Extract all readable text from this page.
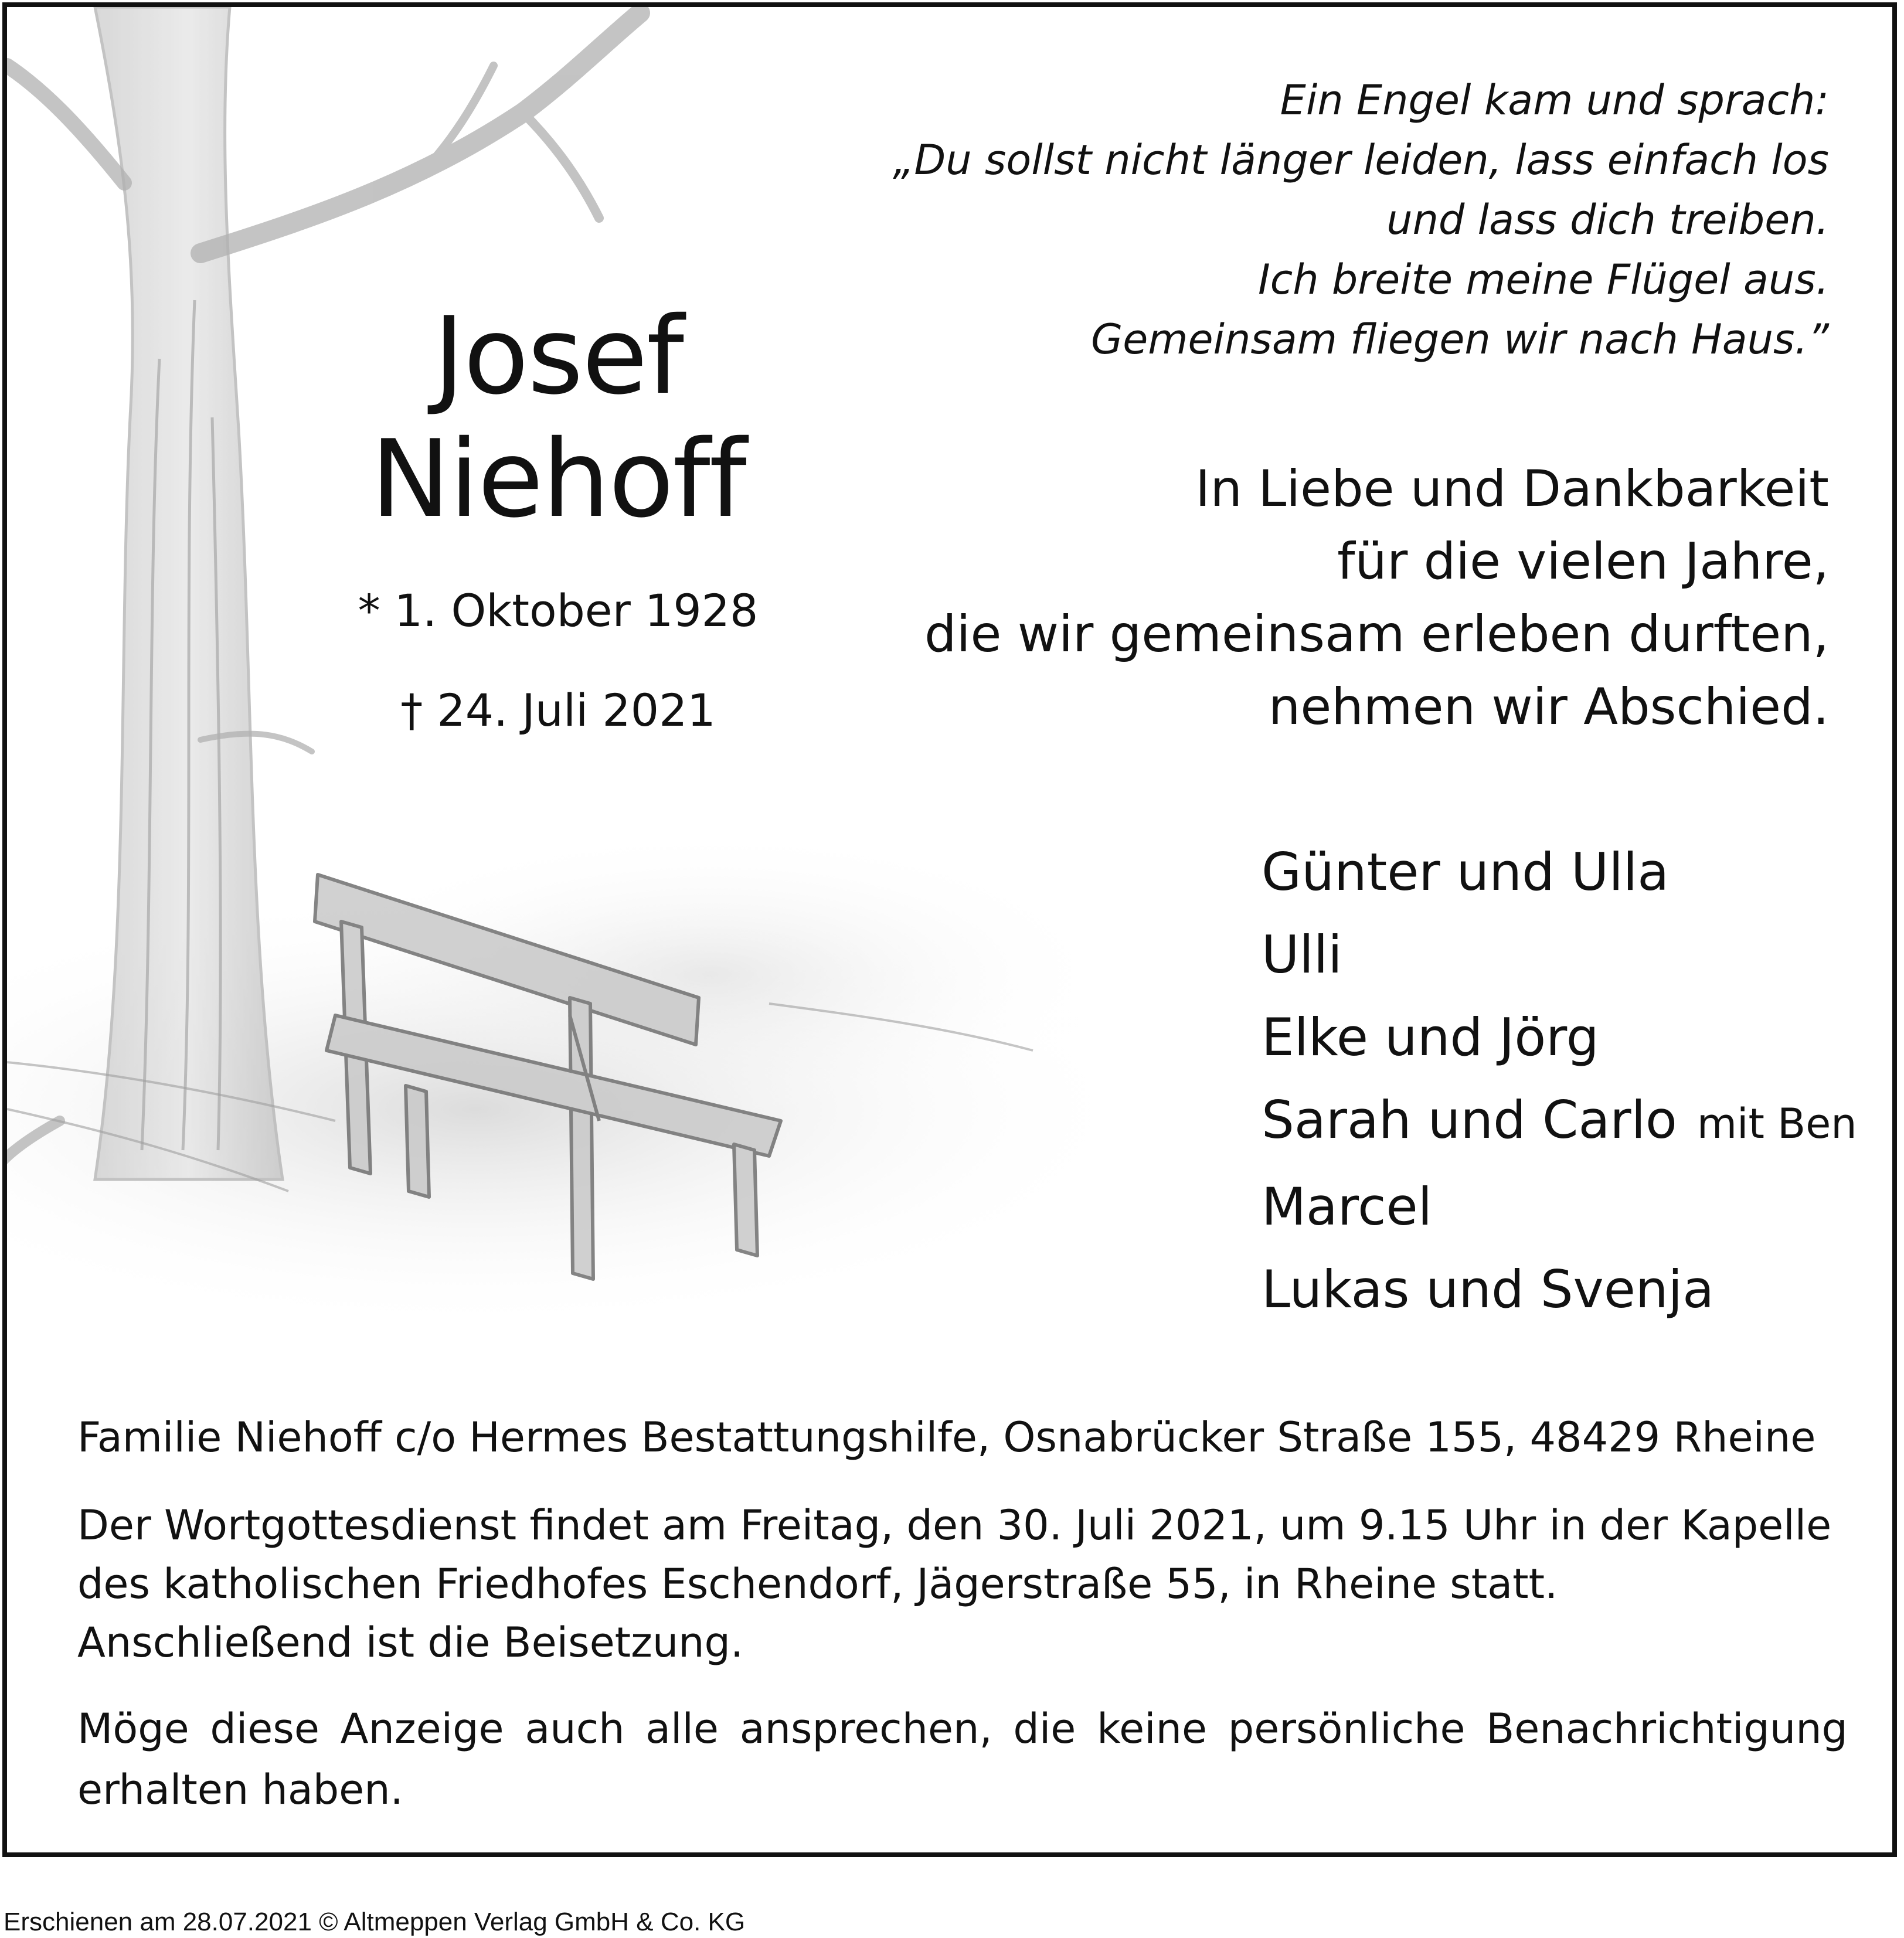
Josef
Niehoff
* 1. Oktober 1928
† 24. Juli 2021
Ein Engel kam und sprach:
„Du sollst nicht länger leiden, lass einfach los
und lass dich treiben.
Ich breite meine Flügel aus.
Gemeinsam fliegen wir nach Haus.”
In Liebe und Dankbarkeit
für die vielen Jahre,
die wir gemeinsam erleben durften,
nehmen wir Abschied.
Günter und Ulla
Ulli
Elke und Jörg
Sarah und Carlo mit Ben
Marcel
Lukas und Svenja
Familie Niehoff c/o Hermes Bestattungshilfe, Osnabrücker Straße 155, 48429 Rheine
Der Wortgottesdienst findet am Freitag, den 30. Juli 2021, um 9.15 Uhr in der Kapelle
des katholischen Friedhofes Eschendorf, Jägerstraße 55, in Rheine statt.
Anschließend ist die Beisetzung.
Möge diese Anzeige auch alle ansprechen, die keine persönliche Benachrichtigung
erhalten haben.
Erschienen am 28.07.2021 © Altmeppen Verlag GmbH & Co. KG
